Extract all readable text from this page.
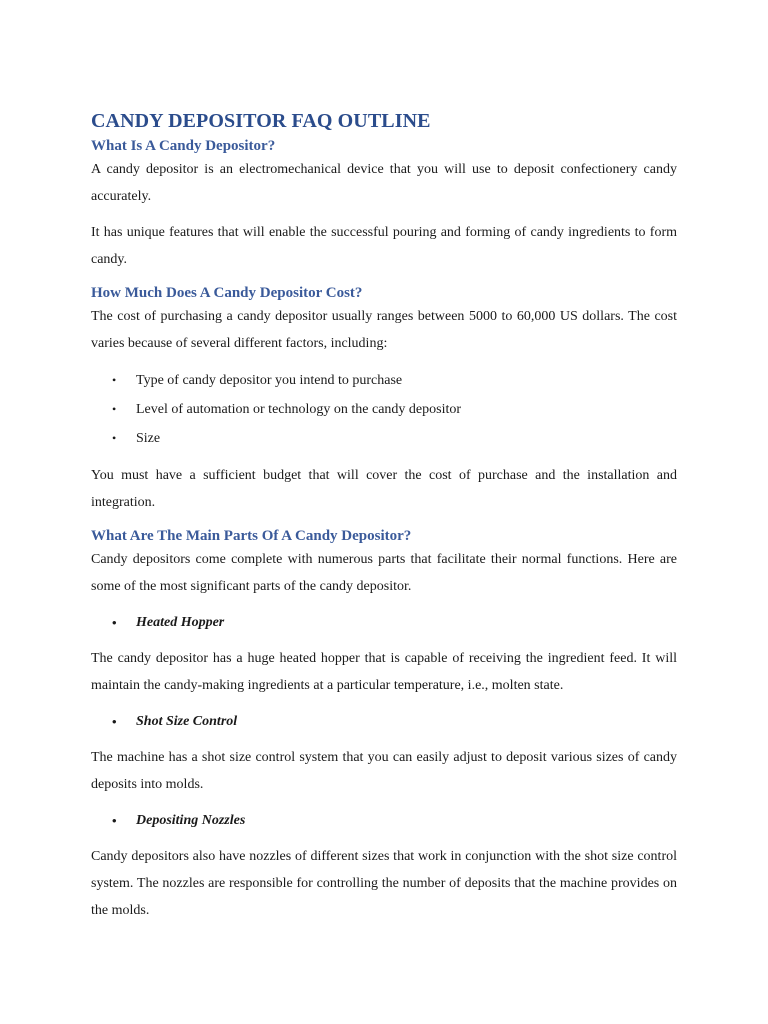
CANDY DEPOSITOR FAQ OUTLINE
What Is A Candy Depositor?

A candy depositor is an electromechanical device that you will use to deposit confectionery candy accurately.

It has unique features that will enable the successful pouring and forming of candy ingredients to form candy.

How Much Does A Candy Depositor Cost?

The cost of purchasing a candy depositor usually ranges between 5000 to 60,000 US dollars. The cost varies because of several different factors, including:

• Type of candy depositor you intend to purchase
• Level of automation or technology on the candy depositor
• Size

You must have a sufficient budget that will cover the cost of purchase and the installation and integration.

What Are The Main Parts Of A Candy Depositor?

Candy depositors come complete with numerous parts that facilitate their normal functions. Here are some of the most significant parts of the candy depositor.

• Heated Hopper

The candy depositor has a huge heated hopper that is capable of receiving the ingredient feed. It will maintain the candy-making ingredients at a particular temperature, i.e., molten state.

• Shot Size Control

The machine has a shot size control system that you can easily adjust to deposit various sizes of candy deposits into molds.

• Depositing Nozzles

Candy depositors also have nozzles of different sizes that work in conjunction with the shot size control system. The nozzles are responsible for controlling the number of deposits that the machine provides on the molds.
